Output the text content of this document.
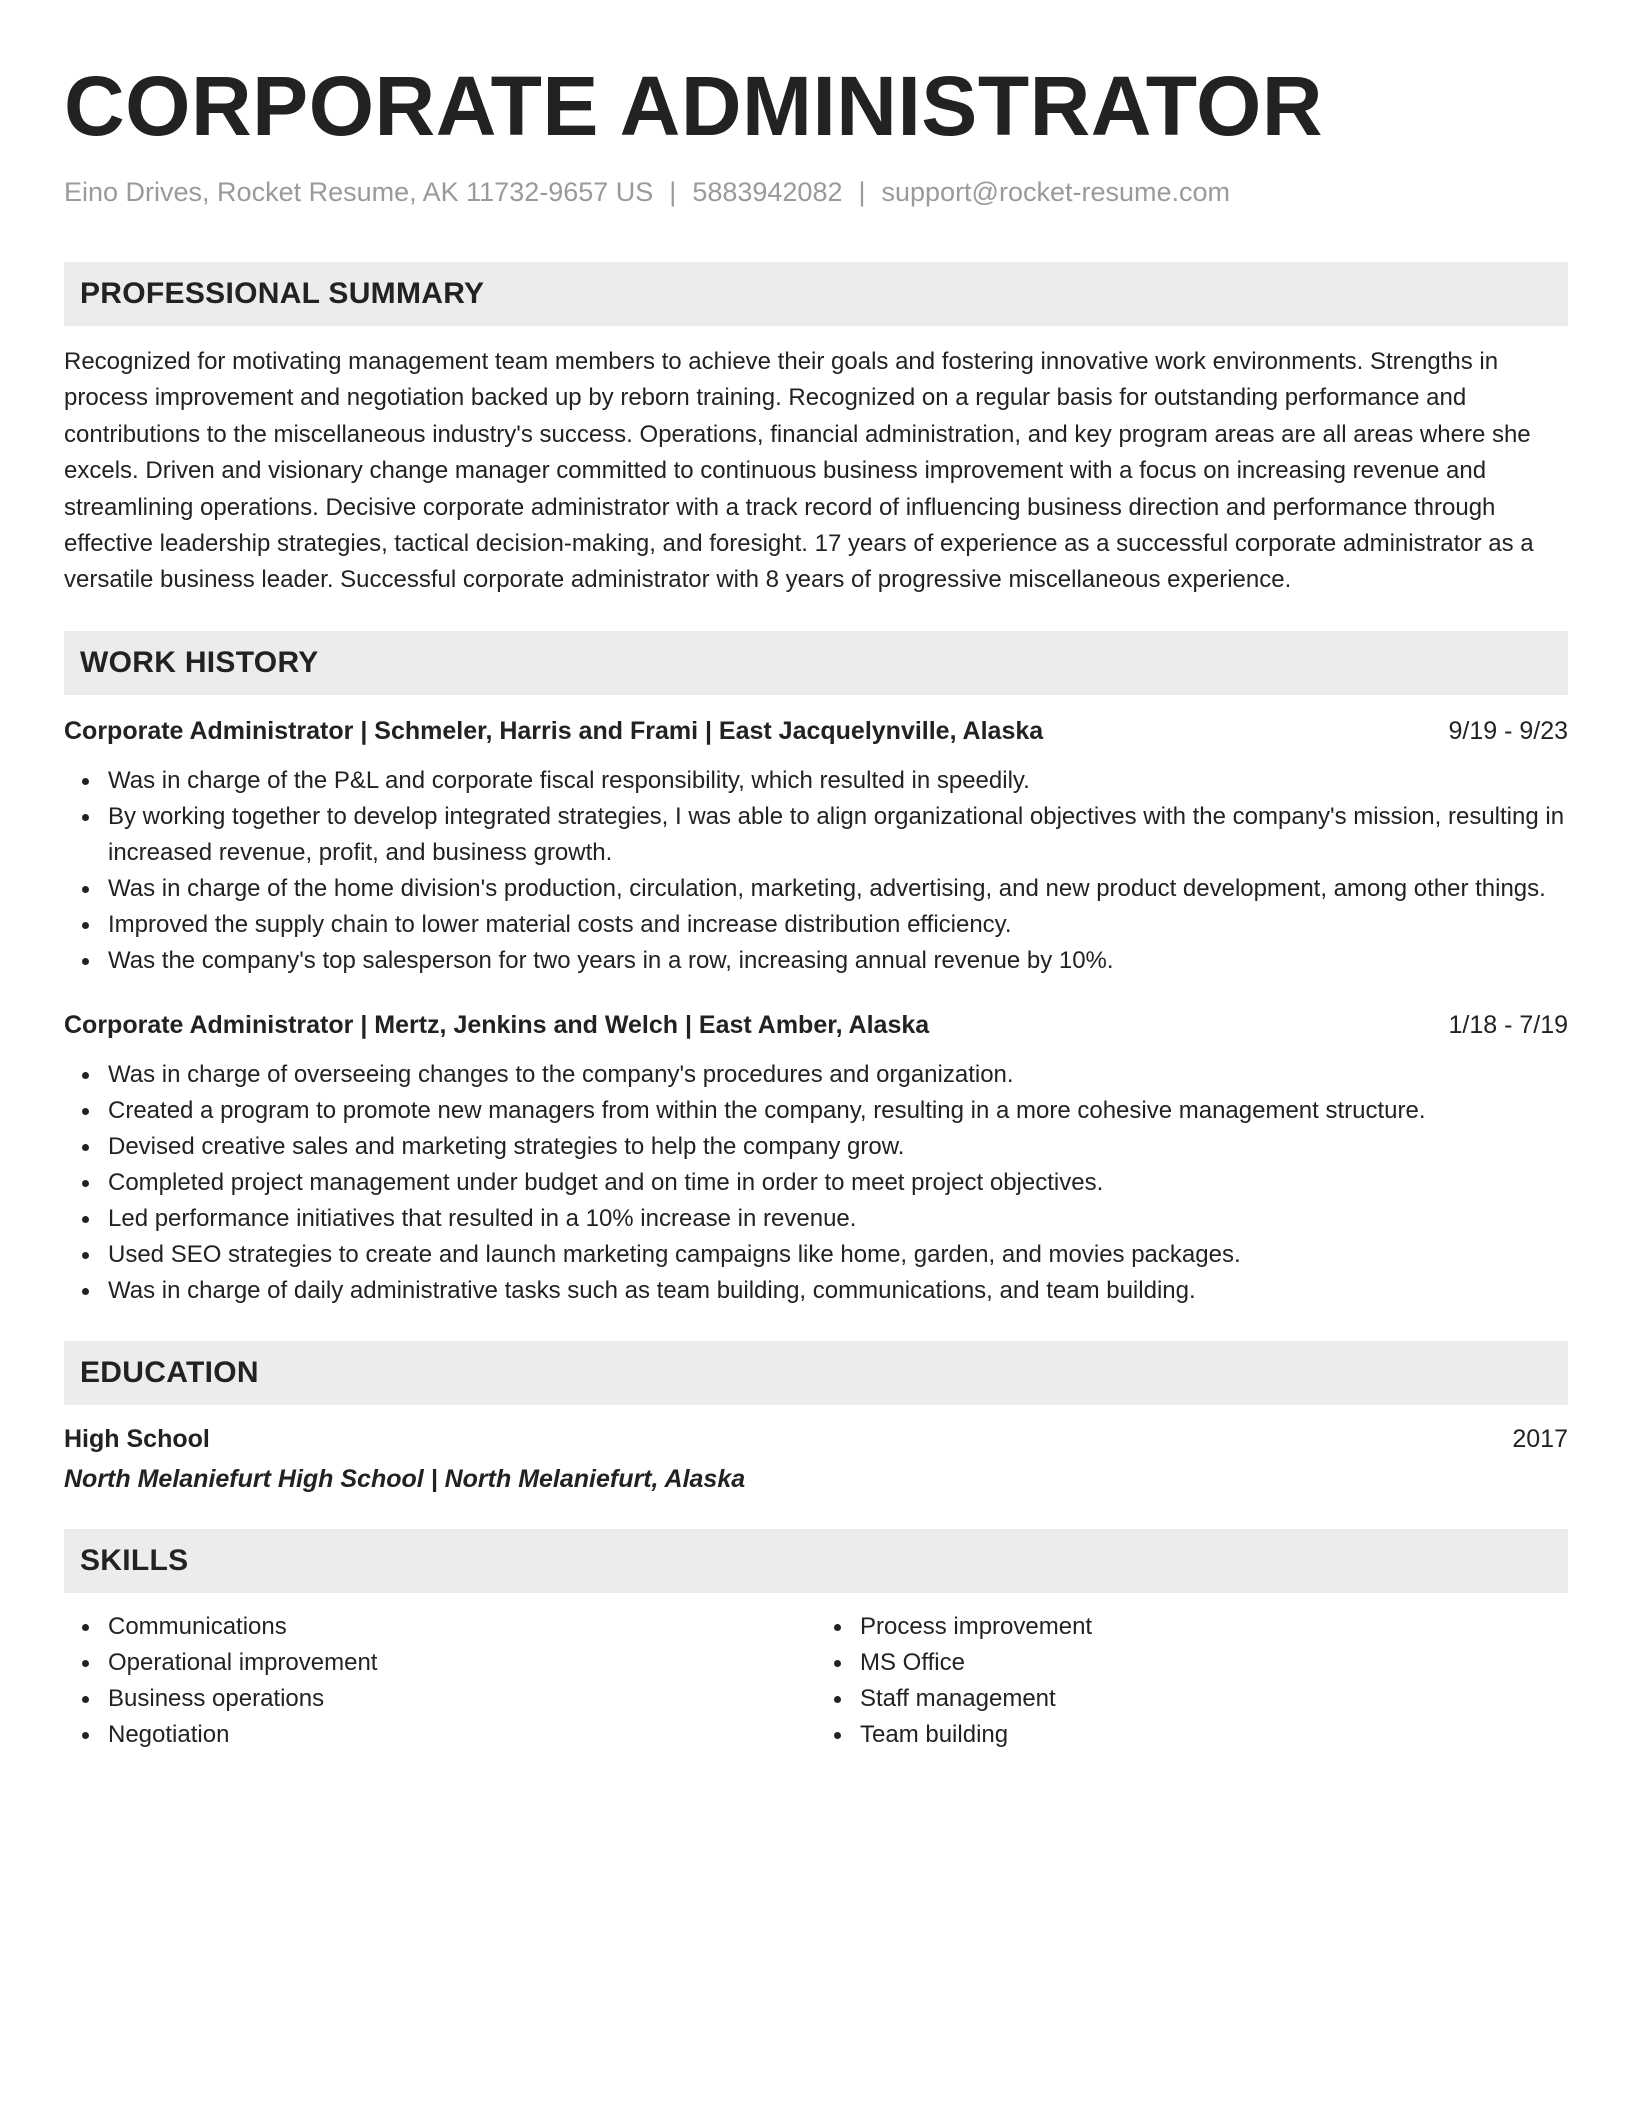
CORPORATE ADMINISTRATOR
Eino Drives, Rocket Resume, AK 11732-9657 US | 5883942082 | support@rocket-resume.com
PROFESSIONAL SUMMARY

Recognized for motivating management team members to achieve their goals and fostering innovative work environments. Strengths in process improvement and negotiation backed up by reborn training. Recognized on a regular basis for outstanding performance and contributions to the miscellaneous industry's success. Operations, financial administration, and key program areas are all areas where she excels. Driven and visionary change manager committed to continuous business improvement with a focus on increasing revenue and streamlining operations. Decisive corporate administrator with a track record of influencing business direction and performance through effective leadership strategies, tactical decision-making, and foresight. 17 years of experience as a successful corporate administrator as a versatile business leader. Successful corporate administrator with 8 years of progressive miscellaneous experience.

WORK HISTORY
Corporate Administrator | Schmeler, Harris and Frami | East Jacquelynville, Alaska	9/19 - 9/23
Was in charge of the P&L and corporate fiscal responsibility, which resulted in speedily.
By working together to develop integrated strategies, I was able to align organizational objectives with the company's mission, resulting in increased revenue, profit, and business growth.
Was in charge of the home division's production, circulation, marketing, advertising, and new product development, among other things.
Improved the supply chain to lower material costs and increase distribution efficiency.
Was the company's top salesperson for two years in a row, increasing annual revenue by 10%.
Corporate Administrator | Mertz, Jenkins and Welch | East Amber, Alaska	1/18 - 7/19
Was in charge of overseeing changes to the company's procedures and organization.
Created a program to promote new managers from within the company, resulting in a more cohesive management structure.
Devised creative sales and marketing strategies to help the company grow.
Completed project management under budget and on time in order to meet project objectives.
Led performance initiatives that resulted in a 10% increase in revenue.
Used SEO strategies to create and launch marketing campaigns like home, garden, and movies packages.
Was in charge of daily administrative tasks such as team building, communications, and team building.
EDUCATION
High School	2017
North Melaniefurt High School | North Melaniefurt, Alaska
SKILLS
Communications
Operational improvement
Business operations
Negotiation
Process improvement
MS Office
Staff management
Team building
